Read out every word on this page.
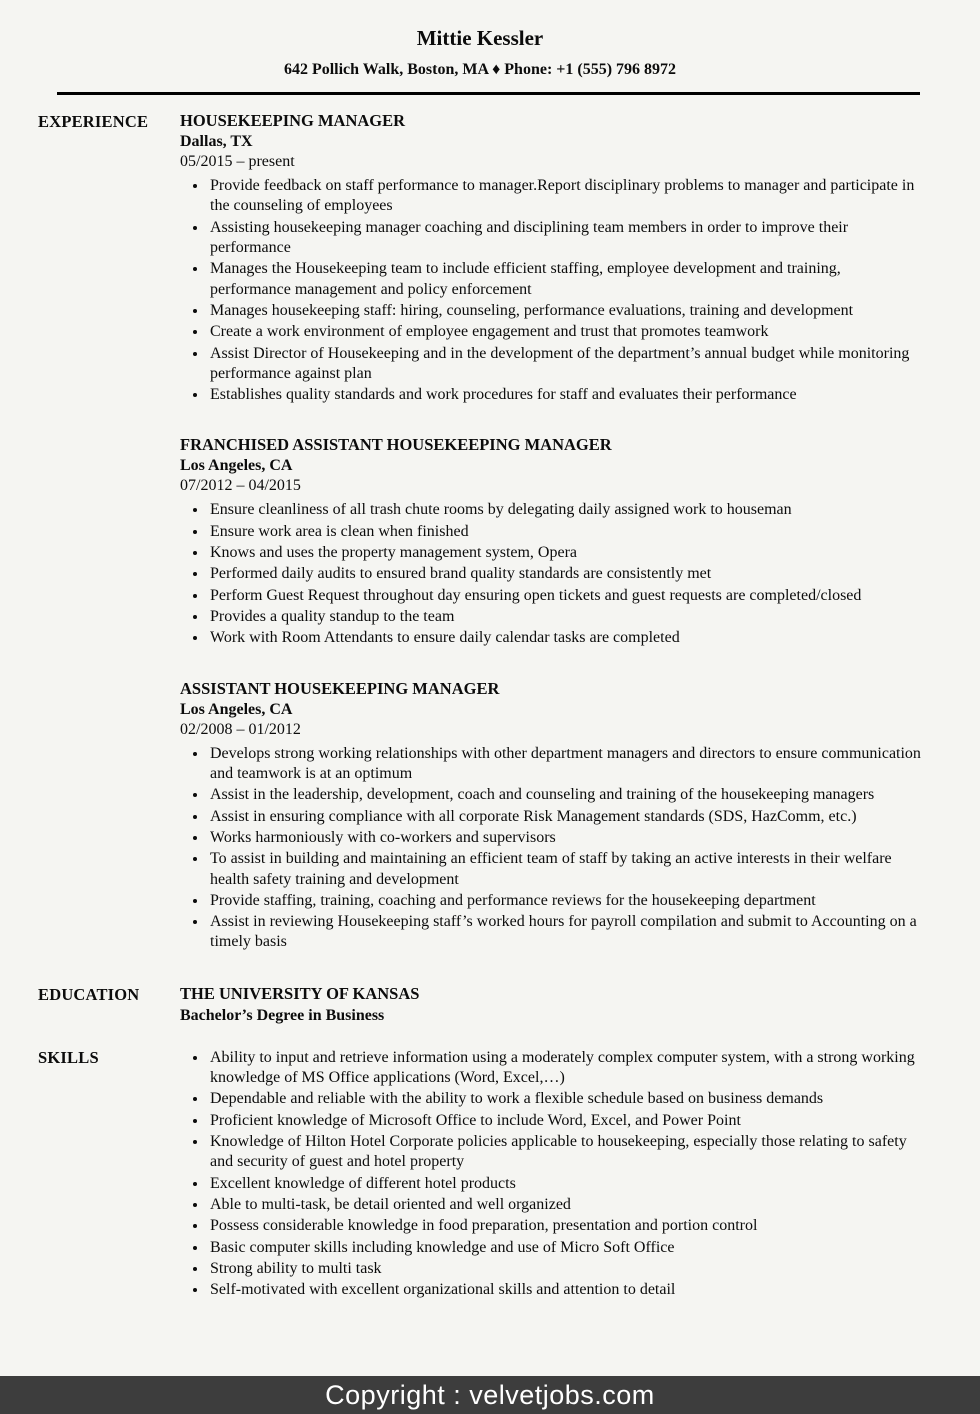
Mittie Kessler
642 Pollich Walk, Boston, MA ♦ Phone: +1 (555) 796 8972
EXPERIENCE	HOUSEKEEPING MANAGER
Dallas, TX
05/2015 – present
• Provide feedback on staff performance to manager.Report disciplinary problems to manager and participate in the counseling of employees
• Assisting housekeeping manager coaching and disciplining team members in order to improve their performance
• Manages the Housekeeping team to include efficient staffing, employee development and training, performance management and policy enforcement
• Manages housekeeping staff: hiring, counseling, performance evaluations, training and development
• Create a work environment of employee engagement and trust that promotes teamwork
• Assist Director of Housekeeping and in the development of the department’s annual budget while monitoring performance against plan
• Establishes quality standards and work procedures for staff and evaluates their performance
FRANCHISED ASSISTANT HOUSEKEEPING MANAGER
Los Angeles, CA
07/2012 – 04/2015
• Ensure cleanliness of all trash chute rooms by delegating daily assigned work to houseman
• Ensure work area is clean when finished
• Knows and uses the property management system, Opera
• Performed daily audits to ensured brand quality standards are consistently met
• Perform Guest Request throughout day ensuring open tickets and guest requests are completed/closed
• Provides a quality standup to the team
• Work with Room Attendants to ensure daily calendar tasks are completed
ASSISTANT HOUSEKEEPING MANAGER
Los Angeles, CA
02/2008 – 01/2012
• Develops strong working relationships with other department managers and directors to ensure communication and teamwork is at an optimum
• Assist in the leadership, development, coach and counseling and training of the housekeeping managers
• Assist in ensuring compliance with all corporate Risk Management standards (SDS, HazComm, etc.)
• Works harmoniously with co-workers and supervisors
• To assist in building and maintaining an efficient team of staff by taking an active interests in their welfare health safety training and development
• Provide staffing, training, coaching and performance reviews for the housekeeping department
• Assist in reviewing Housekeeping staff’s worked hours for payroll compilation and submit to Accounting on a timely basis
EDUCATION	THE UNIVERSITY OF KANSAS
Bachelor’s Degree in Business
SKILLS	• Ability to input and retrieve information using a moderately complex computer system, with a strong working knowledge of MS Office applications (Word, Excel,…)
• Dependable and reliable with the ability to work a flexible schedule based on business demands
• Proficient knowledge of Microsoft Office to include Word, Excel, and Power Point
• Knowledge of Hilton Hotel Corporate policies applicable to housekeeping, especially those relating to safety and security of guest and hotel property
• Excellent knowledge of different hotel products
• Able to multi-task, be detail oriented and well organized
• Possess considerable knowledge in food preparation, presentation and portion control
• Basic computer skills including knowledge and use of Micro Soft Office
• Strong ability to multi task
• Self-motivated with excellent organizational skills and attention to detail
Copyright : velvetjobs.com
